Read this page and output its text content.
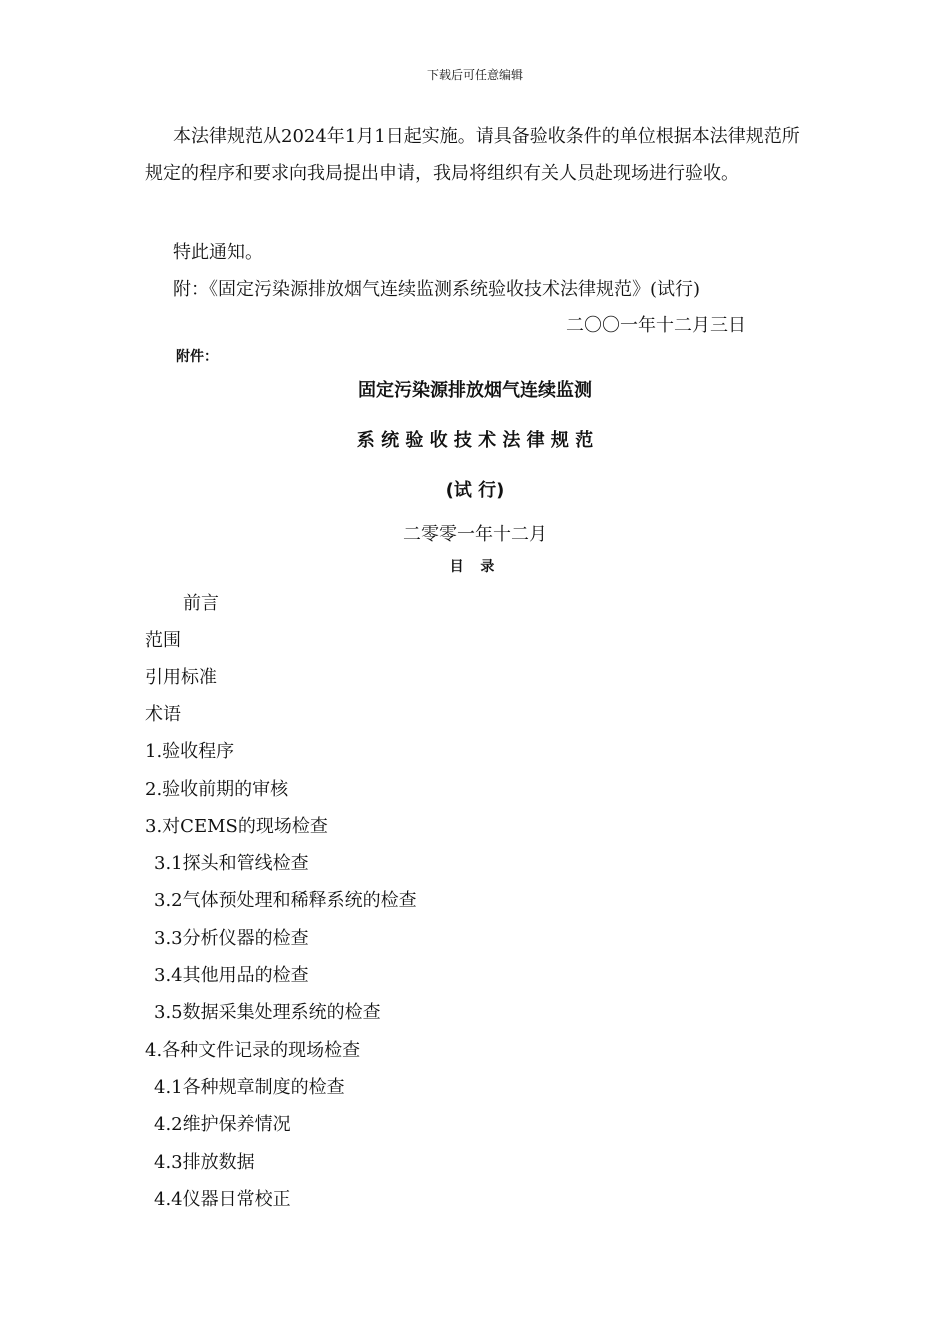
下载后可任意编辑
本法律规范从2024年1月1日起实施。请具备验收条件的单位根据本法律规范所规定的程序和要求向我局提出申请，我局将组织有关人员赴现场进行验收。
特此通知。
附：《固定污染源排放烟气连续监测系统验收技术法律规范》(试行)
二〇〇一年十二月三日
附件：
固定污染源排放烟气连续监测
系 统 验 收 技 术 法 律 规 范
(试 行)
二零零一年十二月
目 录
前言
范围
引用标准
术语
1.验收程序
2.验收前期的审核
3.对CEMS的现场检查
3.1探头和管线检查
3.2气体预处理和稀释系统的检查
3.3分析仪器的检查
3.4其他用品的检查
3.5数据采集处理系统的检查
4.各种文件记录的现场检查
4.1各种规章制度的检查
4.2维护保养情况
4.3排放数据
4.4仪器日常校正
